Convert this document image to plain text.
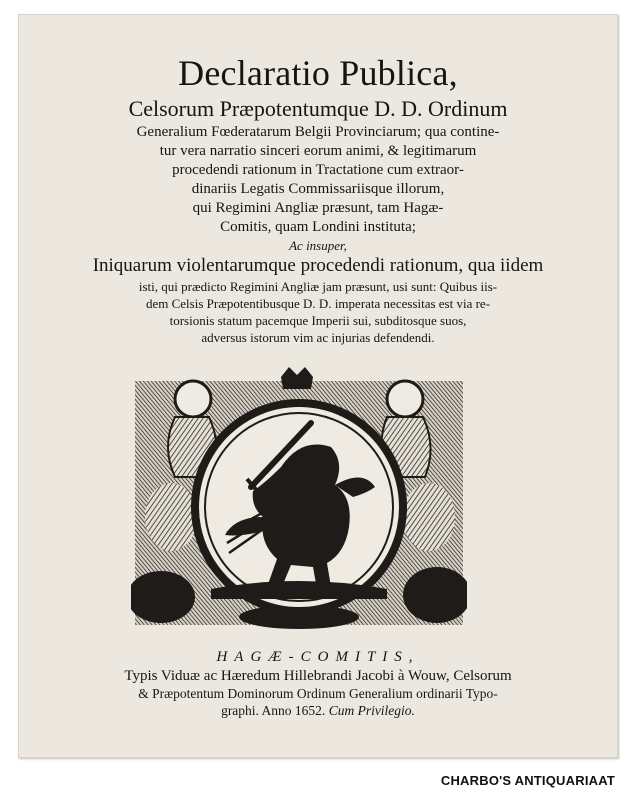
Declaratio Publica,
Celsorum Præpotentumque D. D. Ordinum
Generalium Fœderatarum Belgii Provinciarum; qua contine-
tur vera narratio sinceri eorum animi, & legitimarum
procedendi rationum in Tractatione cum extraor-
dinariis Legatis Commissariisque illorum,
qui Regimini Angliæ præsunt, tam Hagæ-
Comitis, quam Londini instituta;
Ac insuper,
Iniquarum violentarumque procedendi rationum, qua iidem
isti, qui prædicto Regimini Angliæ jam præsunt, usi sunt: Quibus iis-
dem Celsis Præpotentibusque D. D. imperata necessitas est via re-
torsionis statum pacemque Imperii sui, subditosque suos,
adversus istorum vim ac injurias defendendi.
HAGÆ-COMITIS,
Typis Viduæ ac Hæredum Hillebrandi Jacobi à Wouw, Celsorum
& Præpotentum Dominorum Ordinum Generalium ordinarii Typo-
graphi. Anno 1652. Cum Privilegio.
CHARBO'S ANTIQUARIAAT
